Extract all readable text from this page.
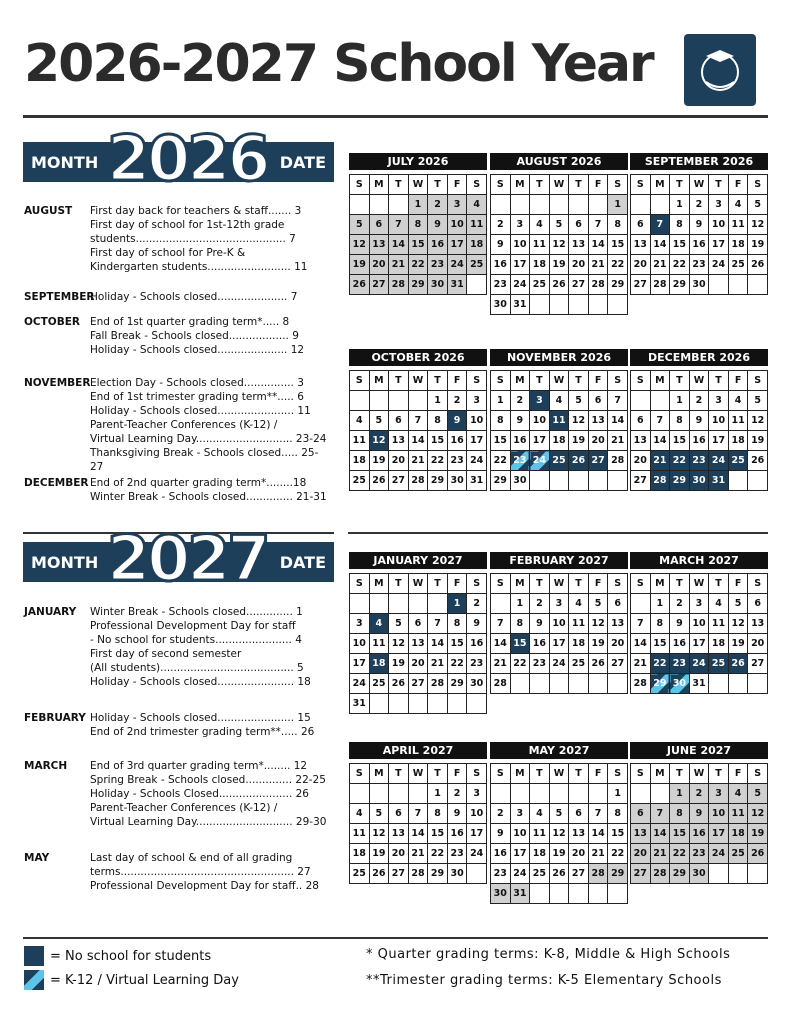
2026-2027 School Year
MONTH 2026 DATE
AUGUST	First day back for teachers & staff....... 3
First day of school for 1st-12th grade
students............................................. 7
First day of school for Pre-K &
Kindergarten students......................... 11
SEPTEMBER
Holiday - Schools closed..................... 7
OCTOBER End of 1st quarter grading term*..... 8
Fall Break - Schools closed.................. 9
Holiday - Schools closed..................... 12
NOVEMBER Election Day - Schools closed............... 3
End of 1st trimester grading term**..... 6
Holiday - Schools closed....................... 11
Parent-Teacher Conferences (K-12) /
Virtual Learning Day............................. 23-24
Thanksgiving Break - Schools closed..... 25-27
DECEMBER End of 2nd quarter grading term*........18
Winter Break - Schools closed.............. 21-31
MONTH 2027 DATE
JANUARY	Winter Break - Schools closed.............. 1
Professional Development Day for staff
- No school for students....................... 4
First day of second semester
(All students)........................................ 5
Holiday - Schools closed....................... 18
FEBRUARY Holiday - Schools closed....................... 15
End of 2nd trimester grading term**..... 26
MARCH	End of 3rd quarter grading term*........ 12
Spring Break - Schools closed.............. 22-25
Holiday - Schools Closed...................... 26
Parent-Teacher Conferences (K-12) /
Virtual Learning Day............................. 29-30
MAY	Last day of school & end of all grading
terms.................................................... 27
Professional Development Day for staff.. 28
JULY 2026
S	M	T	W	T	F	S
			1	2	3	4
5	6	7	8	9	10	11
12	13	14	15	16	17	18
19	20	21	22	23	24	25
26	27	28	29	30	31	
AUGUST 2026
S	M	T	W	T	F	S
						1
2	3	4	5	6	7	8
9	10	11	12	13	14	15
16	17	18	19	20	21	22
23	24	25	26	27	28	29
30	31					
SEPTEMBER 2026
S	M	T	W	T	F	S
		1	2	3	4	5
6	7	8	9	10	11	12
13	14	15	16	17	18	19
20	21	22	23	24	25	26
27	28	29	30			
OCTOBER 2026
S	M	T	W	T	F	S
				1	2	3
4	5	6	7	8	9	10
11	12	13	14	15	16	17
18	19	20	21	22	23	24
25	26	27	28	29	30	31
NOVEMBER 2026
S	M	T	W	T	F	S
1	2	3	4	5	6	7
8	9	10	11	12	13	14
15	16	17	18	19	20	21
22	23	24	25	26	27	28
29	30					
DECEMBER 2026
S	M	T	W	T	F	S
		1	2	3	4	5
6	7	8	9	10	11	12
13	14	15	16	17	18	19
20	21	22	23	24	25	26
27	28	29	30	31		
JANUARY 2027
S	M	T	W	T	F	S
					1	2
3	4	5	6	7	8	9
10	11	12	13	14	15	16
17	18	19	20	21	22	23
24	25	26	27	28	29	30
31						
FEBRUARY 2027
S	M	T	W	T	F	S
	1	2	3	4	5	6
7	8	9	10	11	12	13
14	15	16	17	18	19	20
21	22	23	24	25	26	27
28						
MARCH 2027
S	M	T	W	T	F	S
	1	2	3	4	5	6
7	8	9	10	11	12	13
14	15	16	17	18	19	20
21	22	23	24	25	26	27
28	29	30	31			
APRIL 2027
S	M	T	W	T	F	S
				1	2	3
4	5	6	7	8	9	10
11	12	13	14	15	16	17
18	19	20	21	22	23	24
25	26	27	28	29	30	
MAY 2027
S	M	T	W	T	F	S
						1
2	3	4	5	6	7	8
9	10	11	12	13	14	15
16	17	18	19	20	21	22
23	24	25	26	27	28	29
30	31					
JUNE 2027
S	M	T	W	T	F	S
		1	2	3	4	5
6	7	8	9	10	11	12
13	14	15	16	17	18	19
20	21	22	23	24	25	26
27	28	29	30			
= No school for students
= K-12 / Virtual Learning Day
* Quarter grading terms: K-8, Middle & High Schools
**Trimester grading terms: K-5 Elementary Schools
